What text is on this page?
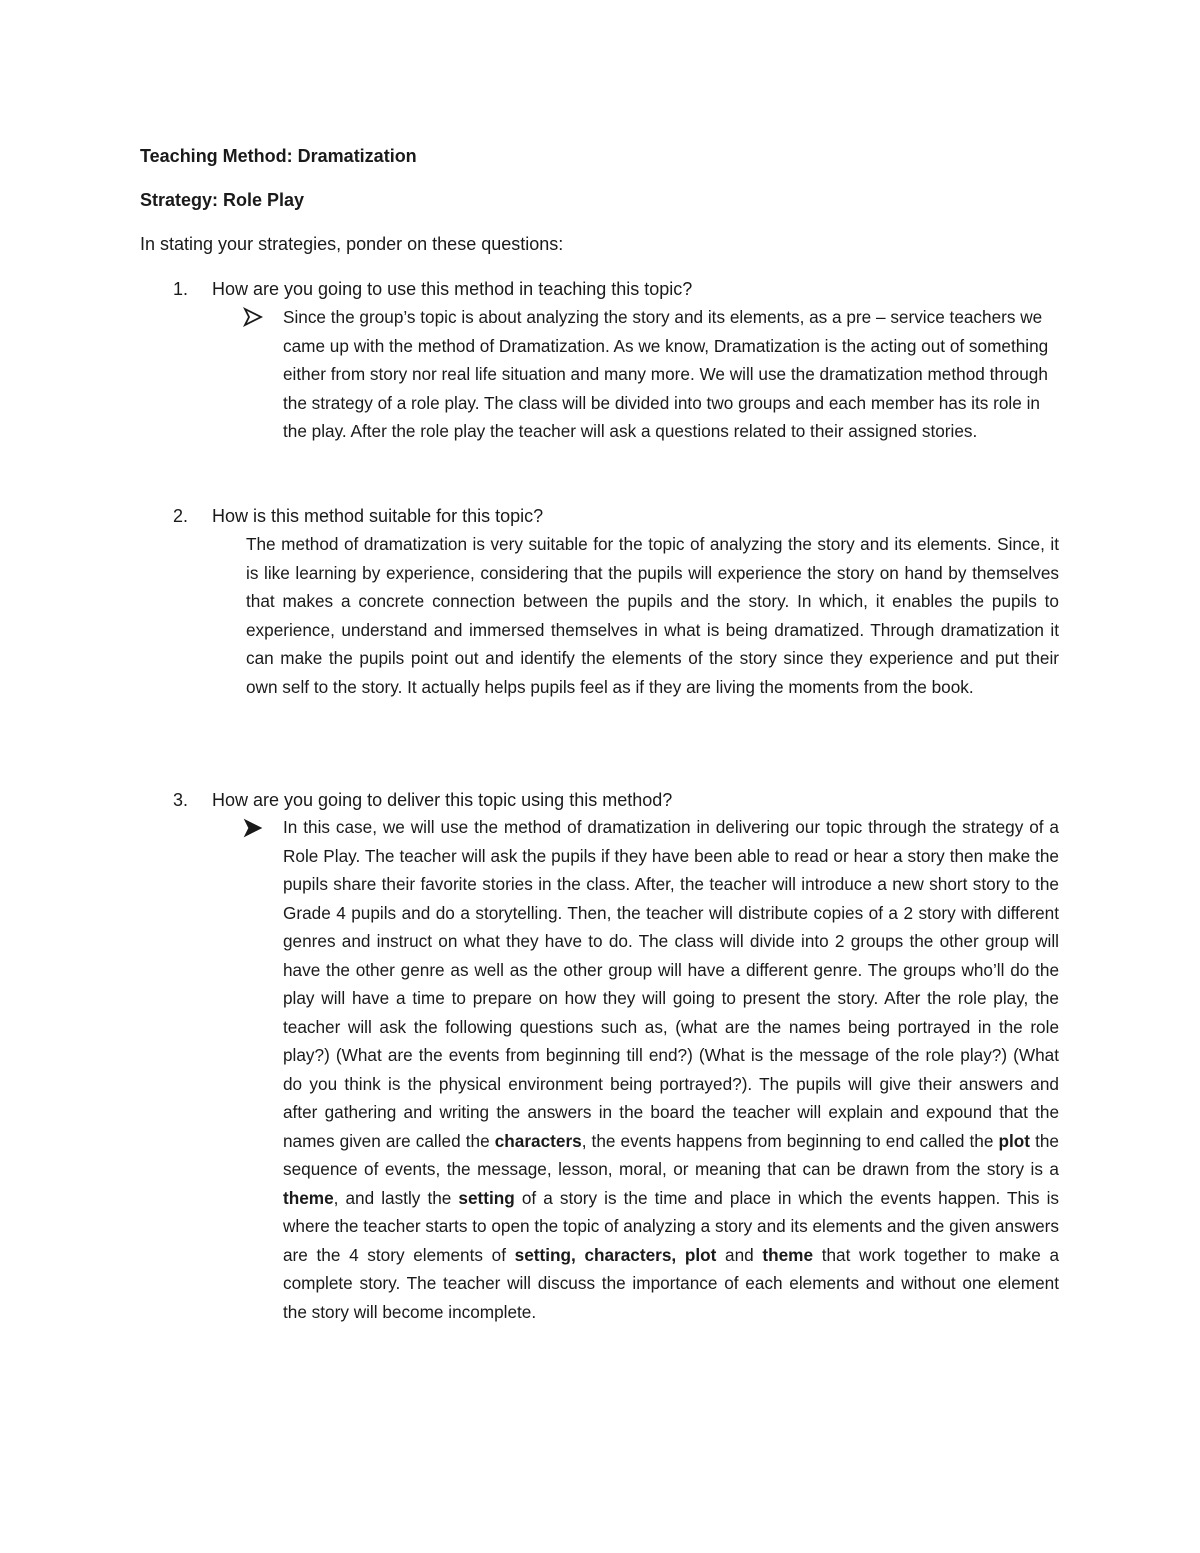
Teaching Method: Dramatization
Strategy: Role Play
In stating your strategies, ponder on these questions:
1. How are you going to use this method in teaching this topic?

Since the group’s topic is about analyzing the story and its elements, as a pre – service teachers we came up with the method of Dramatization. As we know, Dramatization is the acting out of something either from story nor real life situation and many more. We will use the dramatization method through the strategy of a role play. The class will be divided into two groups and each member has its role in the play. After the role play the teacher will ask a questions related to their assigned stories.

2. How is this method suitable for this topic?

The method of dramatization is very suitable for the topic of analyzing the story and its elements. Since, it is like learning by experience, considering that the pupils will experience the story on hand by themselves that makes a concrete connection between the pupils and the story. In which, it enables the pupils to experience, understand and immersed themselves in what is being dramatized. Through dramatization it can make the pupils point out and identify the elements of the story since they experience and put their own self to the story. It actually helps pupils feel as if they are living the moments from the book.

3. How are you going to deliver this topic using this method?

In this case, we will use the method of dramatization in delivering our topic through the strategy of a Role Play. The teacher will ask the pupils if they have been able to read or hear a story then make the pupils share their favorite stories in the class. After, the teacher will introduce a new short story to the Grade 4 pupils and do a storytelling. Then, the teacher will distribute copies of a 2 story with different genres and instruct on what they have to do. The class will divide into 2 groups the other group will have the other genre as well as the other group will have a different genre. The groups who’ll do the play will have a time to prepare on how they will going to present the story. After the role play, the teacher will ask the following questions such as, (what are the names being portrayed in the role play?) (What are the events from beginning till end?) (What is the message of the role play?) (What do you think is the physical environment being portrayed?). The pupils will give their answers and after gathering and writing the answers in the board the teacher will explain and expound that the names given are called the characters, the events happens from beginning to end called the plot the sequence of events, the message, lesson, moral, or meaning that can be drawn from the story is a theme, and lastly the setting of a story is the time and place in which the events happen. This is where the teacher starts to open the topic of analyzing a story and its elements and the given answers are the 4 story elements of setting, characters, plot and theme that work together to make a complete story. The teacher will discuss the importance of each elements and without one element the story will become incomplete.
